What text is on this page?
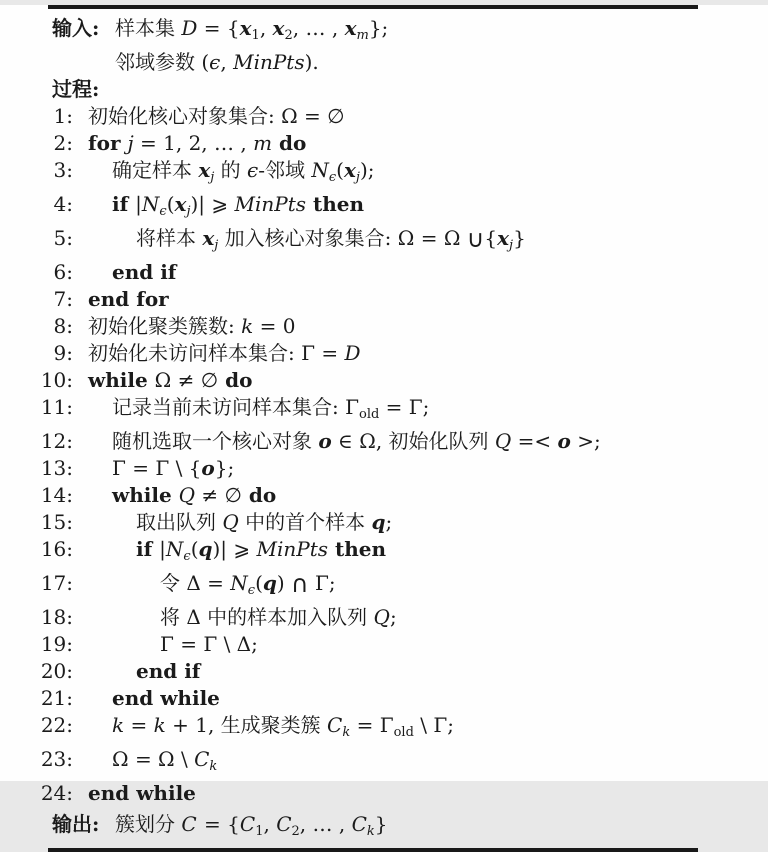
输入: 样本集 $D = \{x_1$, $x_2$, … , $x_m$};
邻域参数 (ϵ, MinPts).
过程:
1: 初始化核心对象集合: Ω = ∅
2: for j = 1, 2, … , m do
3:	确定样本 $x_j$ 的 ϵ-邻域 $N_\epsilon(x_j)$;
4:	if $|N_\epsilon(x_j)|$ ⩾ MinPts then
5:	将样本 $x_j$ 加入核心对象集合: Ω = Ω $\cup\{x_j\}$
6:	end if
7: end for
8: 初始化聚类簇数: k = 0
9: 初始化未访问样本集合: Γ = D
10: while Ω ≠ ∅ do
11:	记录当前未访问样本集合: $\Gamma_{old} = \Gamma$;
12:	随机选取一个核心对象 o ∈ Ω, 初始化队列 Q =< o >;
13:	Γ = Γ \ {o};
14:	while Q ≠ ∅ do
15:	取出队列 Q 中的首个样本 q;
16:	if $|N_\epsilon(q)|$ ⩾ MinPts then
17:	令 $\Delta = N_\epsilon(q)$ ∩ Γ;
18:	将 Δ 中的样本加入队列 Q;
19:	Γ = Γ \ Δ;
20:	end if
21:	end while
22:	k = k + 1, 生成聚类簇 $C_k = \Gamma_{old}$ \ Γ;
23:	Ω = Ω \ $C_k$
24: end while
输出: 簇划分 $C = \{C_1$, $C_2$, … , $C_k$}
